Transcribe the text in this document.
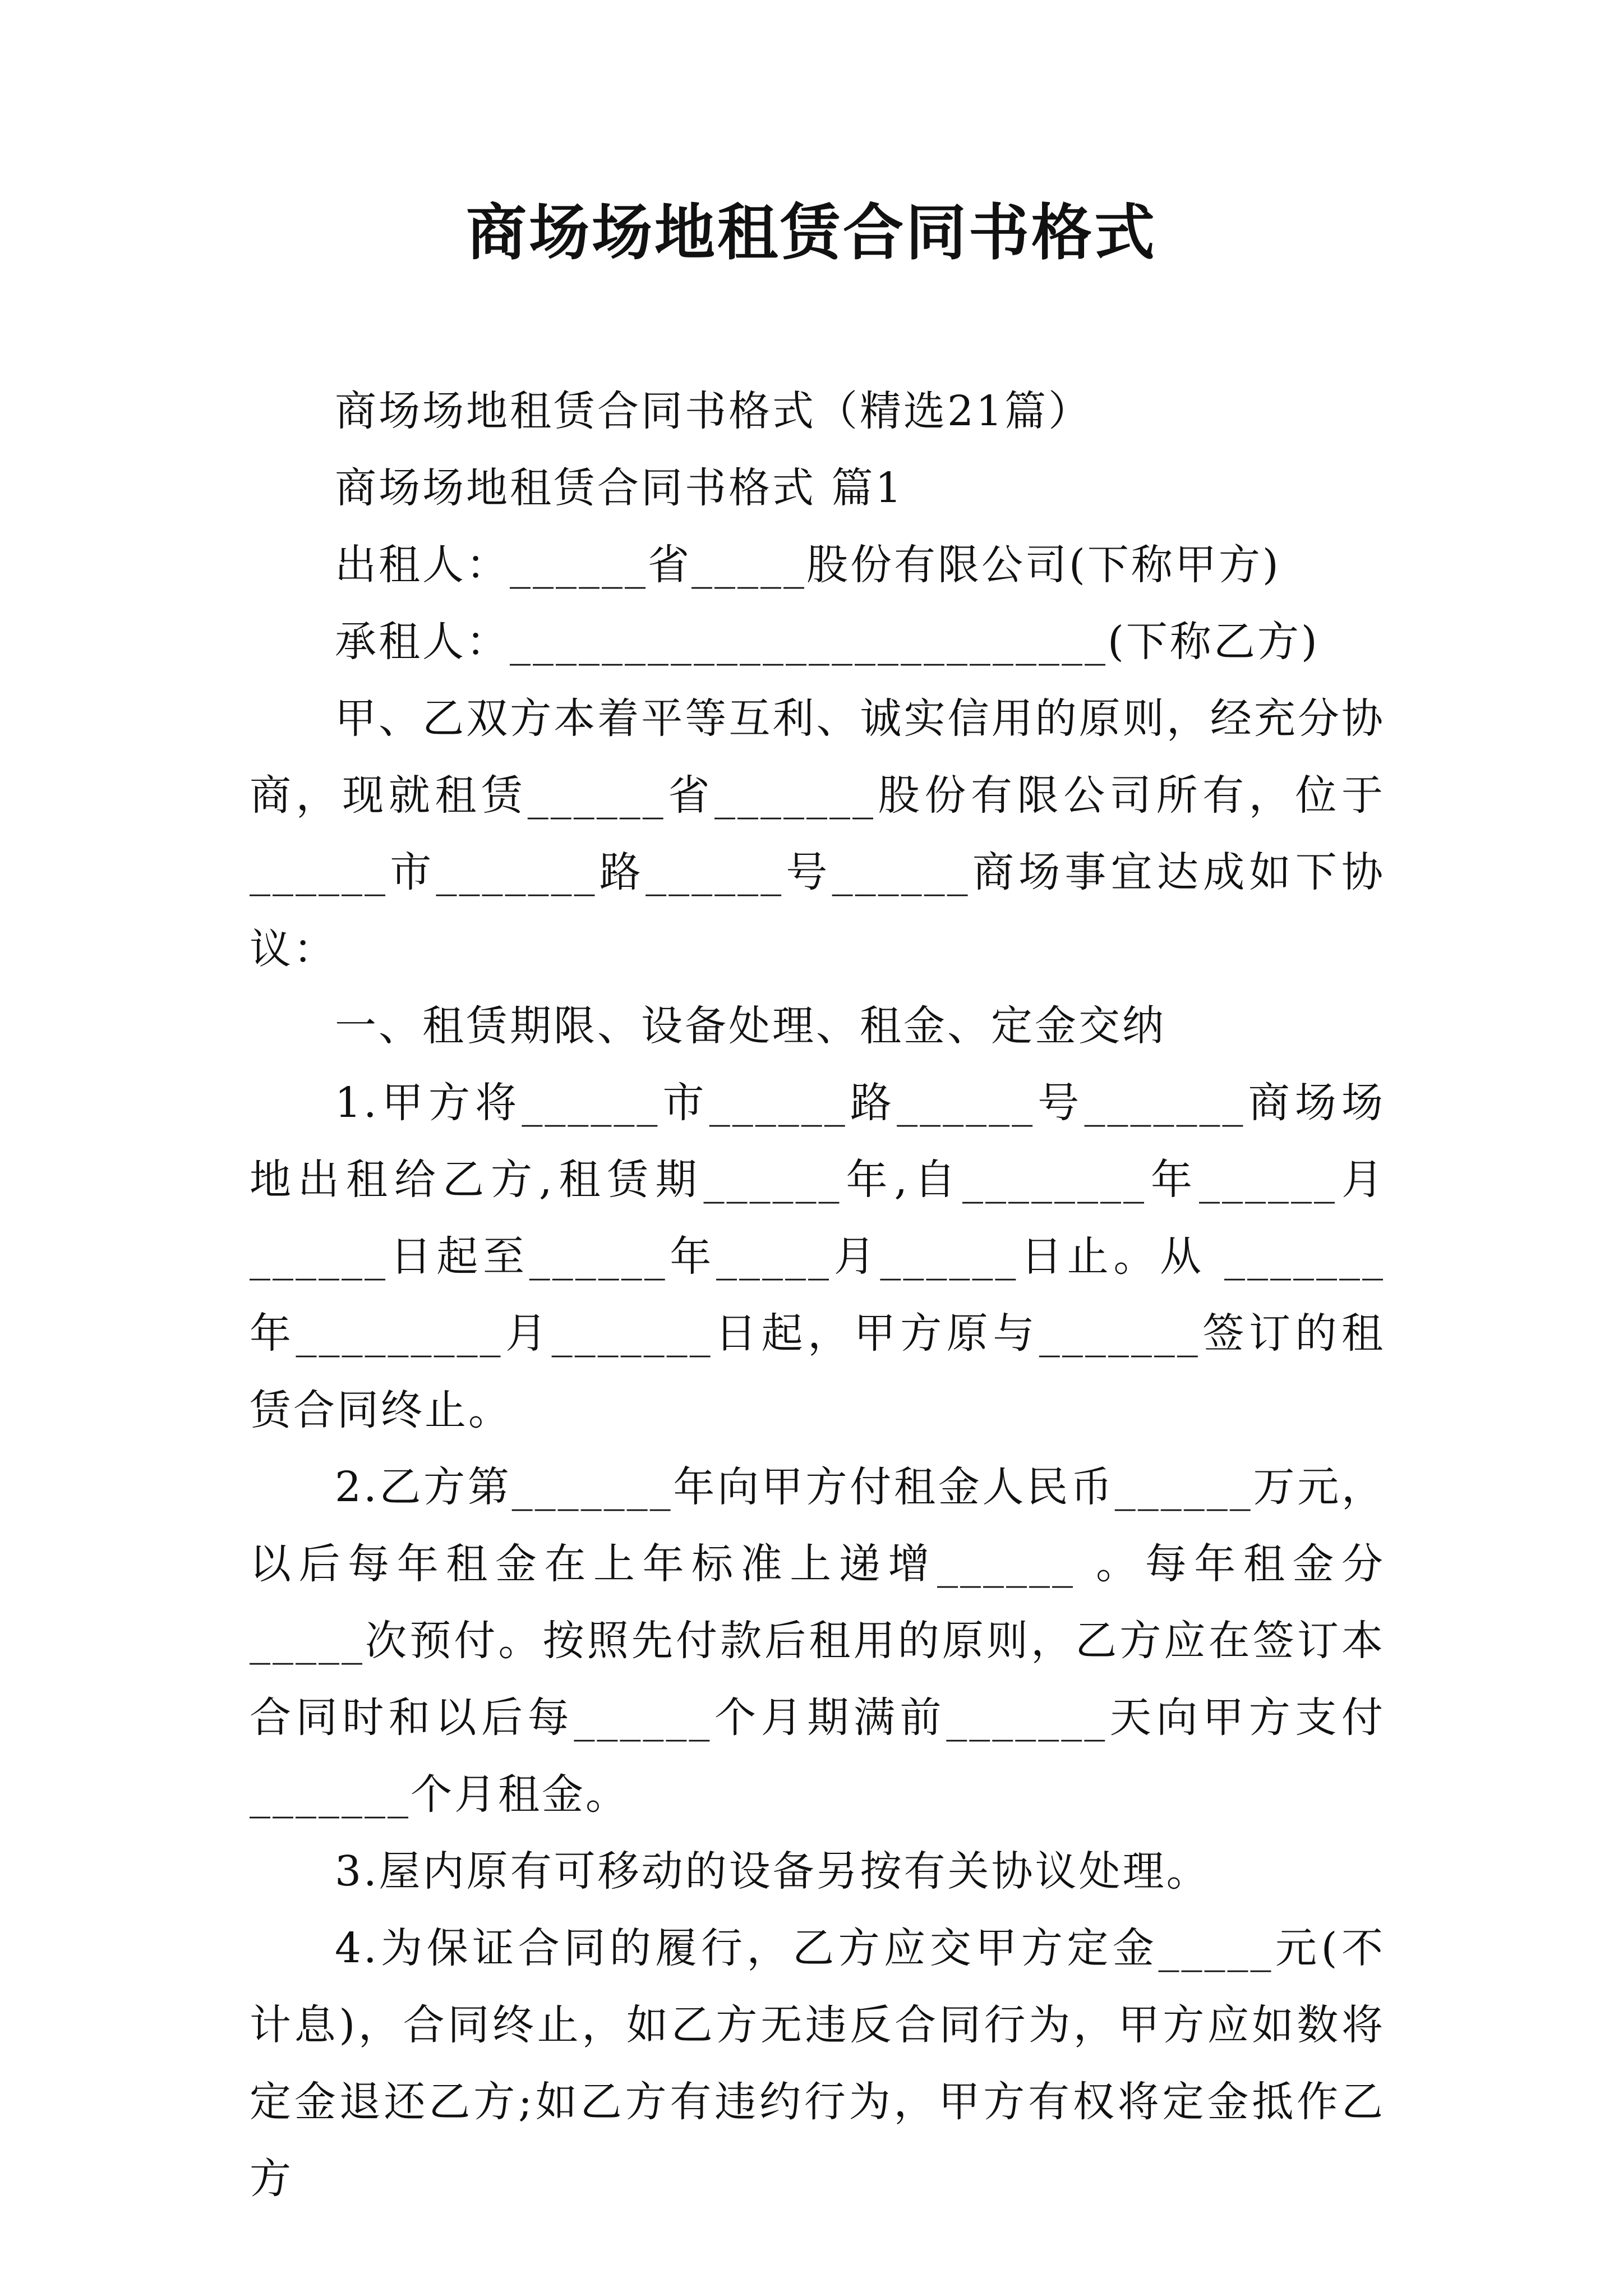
商场场地租赁合同书格式

商场场地租赁合同书格式（精选21篇）

商场场地租赁合同书格式 篇1

出租人：______省_____股份有限公司(下称甲方)

承租人：__________________________(下称乙方)

甲、乙双方本着平等互利、诚实信用的原则，经充分协商，现就租赁______省_______股份有限公司所有，位于______市_______路______号______商场事宜达成如下协议：

一、租赁期限、设备处理、租金、定金交纳

1.甲方将______市______路______号_______商场场地出租给乙方,租赁期______年,自________年______月______日起至______年_____月______日止。从 _______年_________月_______日起，甲方原与_______签订的租赁合同终止。

2.乙方第_______年向甲方付租金人民币______万元，以后每年租金在上年标准上递增______ 。每年租金分_____次预付。按照先付款后租用的原则，乙方应在签订本合同时和以后每______个月期满前_______天向甲方支付_______个月租金。

3.屋内原有可移动的设备另按有关协议处理。

4.为保证合同的履行，乙方应交甲方定金_____元(不计息)，合同终止，如乙方无违反合同行为，甲方应如数将定金退还乙方;如乙方有违约行为，甲方有权将定金抵作乙方
